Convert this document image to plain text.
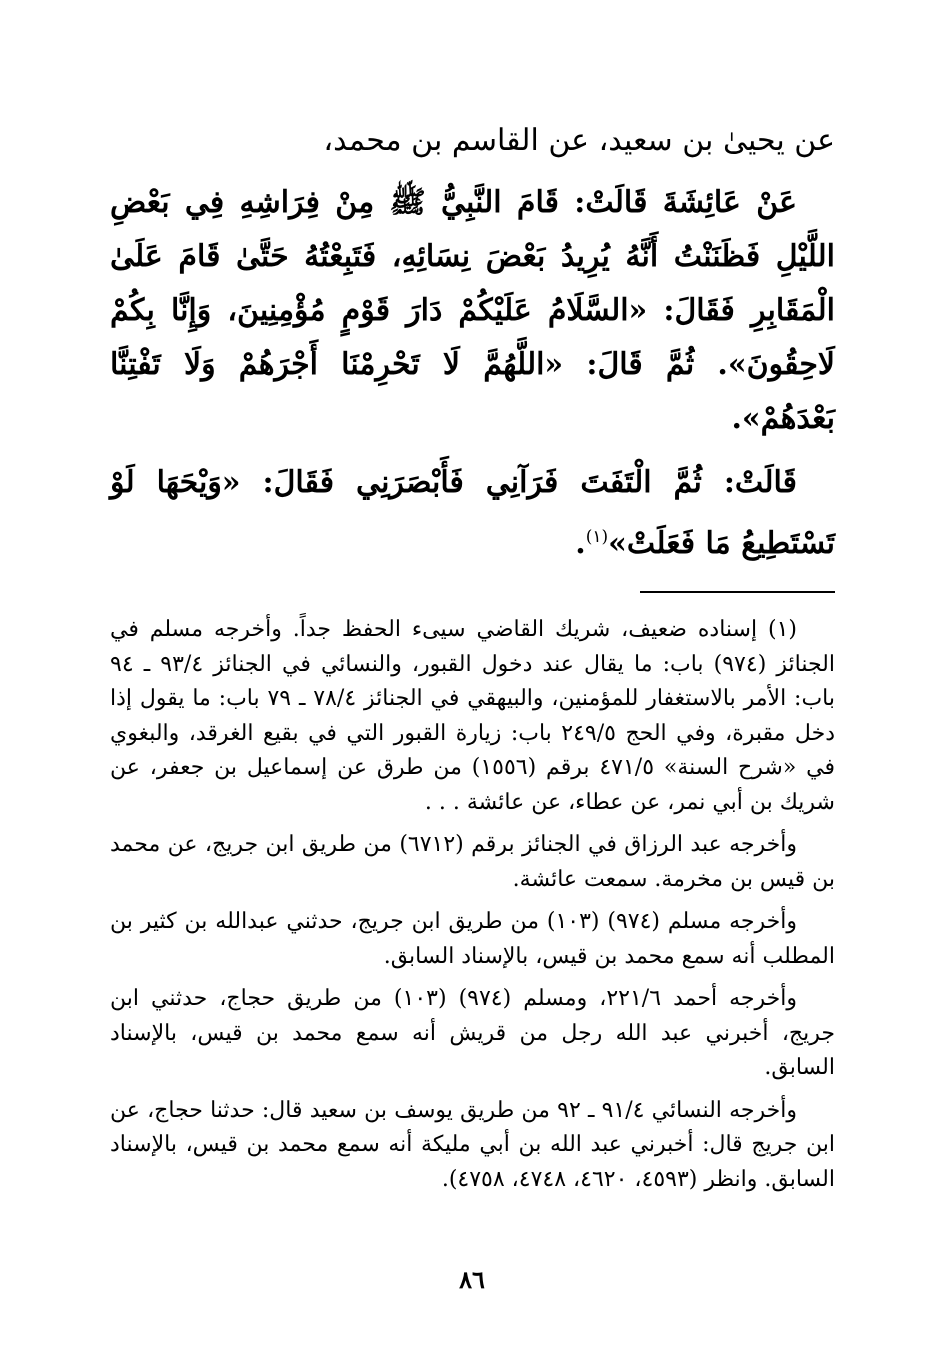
عن يحيىٰ بن سعيد، عن القاسم بن محمد،

عَنْ عَائِشَةَ قَالَتْ: قَامَ النَّبِيُّ ﷺ مِنْ فِرَاشِهِ فِي بَعْضِ اللَّيْلِ فَظَنَنْتُ أَنَّهُ يُرِيدُ بَعْضَ نِسَائِهِ، فَتَبِعْتُهُ حَتَّىٰ قَامَ عَلَىٰ الْمَقَابِرِ فَقَالَ: «السَّلَامُ عَلَيْكُمْ دَارَ قَوْمٍ مُؤْمِنِينَ، وَإِنَّا بِكُمْ لَاحِقُونَ». ثُمَّ قَالَ: «اللَّهُمَّ لَا تَحْرِمْنَا أَجْرَهُمْ وَلَا تَفْتِنَّا بَعْدَهُمْ».

قَالَتْ: ثُمَّ الْتَفَتَ فَرَآنِي فَأَبْصَرَنِي فَقَالَ: «وَيْحَهَا لَوْ تَسْتَطِيعُ مَا فَعَلَتْ»$^{(١)}$.

(١) إسناده ضعيف، شريك القاضي سيىء الحفظ جداً. وأخرجه مسلم في الجنائز (٩٧٤) باب: ما يقال عند دخول القبور، والنسائي في الجنائز ٩٣/٤ ـ ٩٤ باب: الأمر بالاستغفار للمؤمنين، والبيهقي في الجنائز ٧٨/٤ ـ ٧٩ باب: ما يقول إذا دخل مقبرة، وفي الحج ٢٤٩/٥ باب: زيارة القبور التي في بقيع الغرقد، والبغوي في «شرح السنة» ٤٧١/٥ برقم (١٥٥٦) من طرق عن إسماعيل بن جعفر، عن شريك بن أبي نمر، عن عطاء، عن عائشة . . .

وأخرجه عبد الرزاق في الجنائز برقم (٦٧١٢) من طريق ابن جريج، عن محمد بن قيس بن مخرمة. سمعت عائشة.

وأخرجه مسلم (٩٧٤) (١٠٣) من طريق ابن جريج، حدثني عبدالله بن كثير بن المطلب أنه سمع محمد بن قيس، بالإسناد السابق.

وأخرجه أحمد ٢٢١/٦، ومسلم (٩٧٤) (١٠٣) من طريق حجاج، حدثني ابن جريج، أخبرني عبد الله رجل من قريش أنه سمع محمد بن قيس، بالإسناد السابق.

وأخرجه النسائي ٩١/٤ ـ ٩٢ من طريق يوسف بن سعيد قال: حدثنا حجاج، عن ابن جريج قال: أخبرني عبد الله بن أبي مليكة أنه سمع محمد بن قيس، بالإسناد السابق. وانظر (٤٥٩٣، ٤٦٢٠، ٤٧٤٨، ٤٧٥٨).

٨٦
